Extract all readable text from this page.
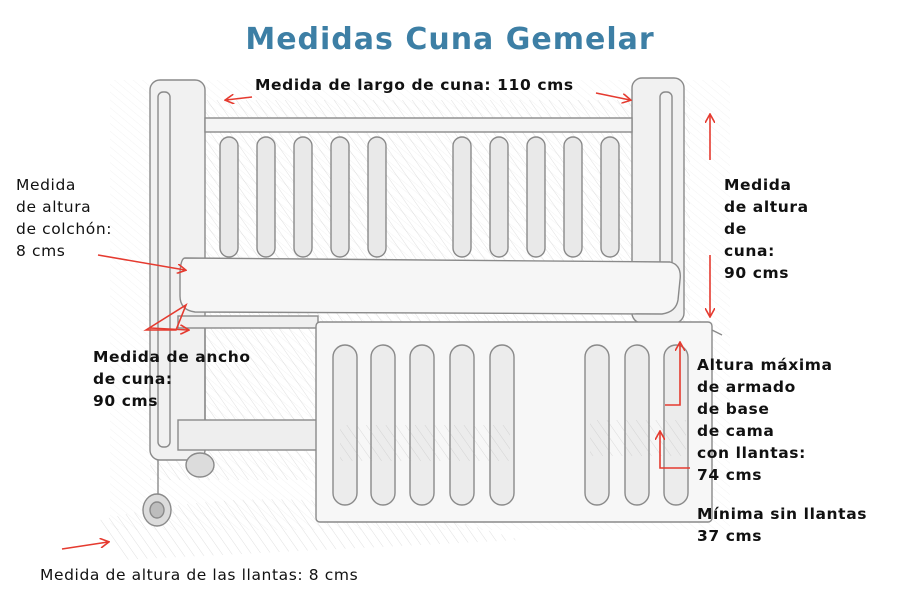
Medidas Cuna Gemelar
Medida de largo de cuna: 110 cms
Medida
de altura
de colchón:
8 cms
Medida
de altura
de
cuna:
90 cms
Medida de ancho
de cuna:
90 cms
Altura máxima
de armado
de base
de cama
con llantas:
74 cms
Mínima sin llantas
37 cms
Medida de altura de las llantas: 8 cms
